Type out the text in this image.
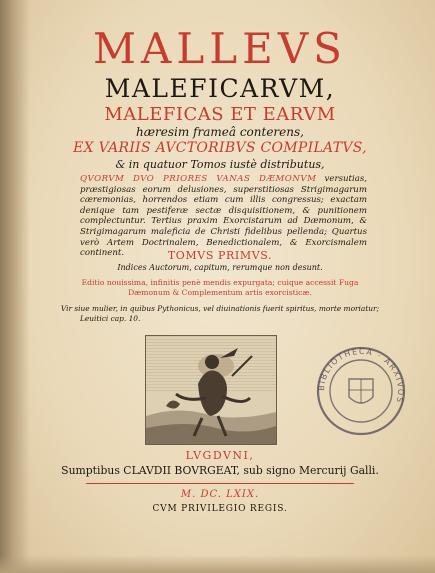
MALLEVS
MALEFICARVM,
MALEFICAS ET EARVM
hæresim frameâ conterens,
EX VARIIS AVCTORIBVS COMPILATVS,
& in quatuor Tomos iustè distributus,
QVORVM DVO PRIORES VANAS DÆMONVM versutias, præstigiosas eorum delusiones, superstitiosas Strigimagarum cæremonias, horrendos etiam cum illis congressus; exactam denique tam pestiferæ sectæ disquisitionem, & punitionem complectuntur. Tertius praxim Exorcistarum ad Dæmonum, & Strigimagarum maleficia de Christi fidelibus pellenda; Quartus verò Artem Doctrinalem, Benedictionalem, & Exorcismalem continent.	TOMVS PRIMVS.
Indices Auctorum, capitum, rerumque non desunt.
Editio nouissima, infinitis penè mendis expurgata; cuique accessit Fuga
Dæmonum & Complementum artis exorcisticæ.
Vir siue mulier, in quibus Pythonicus, vel diuinationis fuerit spiritus, morte moriatur;
Leuitici cap. 10.
BIBLIOTHECA · ARXIVOS
LVGDVNI,
Sumptibus CLAVDII BOVRGEAT, sub signo Mercurij Galli.
M. DC. LXIX.
CVM PRIVILEGIO REGIS.
